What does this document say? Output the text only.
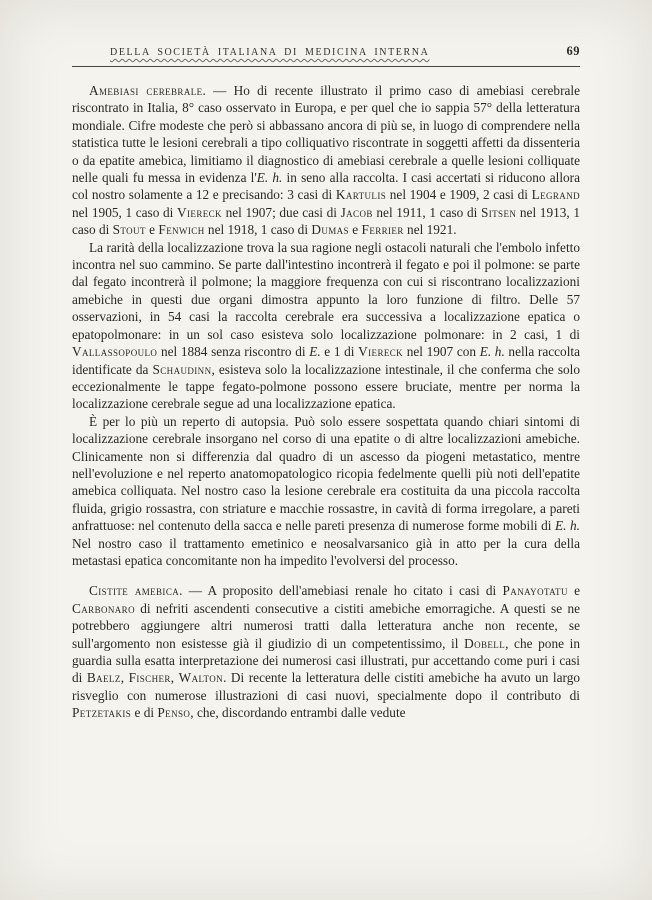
DELLA SOCIETÀ ITALIANA DI MEDICINA INTERNA	69

Amebiasi cerebrale. — Ho di recente illustrato il primo caso di amebiasi cerebrale riscontrato in Italia, 8° caso osservato in Europa, e per quel che io sappia 57° della letteratura mondiale. Cifre modeste che però si abbassano ancora di più se, in luogo di comprendere nella statistica tutte le lesioni cerebrali a tipo colliquativo riscontrate in soggetti affetti da dissenteria o da epatite amebica, limitiamo il diagnostico di amebiasi cerebrale a quelle lesioni colliquate nelle quali fu messa in evidenza l'E. h. in seno alla raccolta. I casi accertati si riducono allora col nostro solamente a 12 e precisando: 3 casi di Kartulis nel 1904 e 1909, 2 casi di Legrand nel 1905, 1 caso di Viereck nel 1907; due casi di Jacob nel 1911, 1 caso di Sitsen nel 1913, 1 caso di Stout e Fenwich nel 1918, 1 caso di Dumas e Ferrier nel 1921.

La rarità della localizzazione trova la sua ragione negli ostacoli naturali che l'embolo infetto incontra nel suo cammino. Se parte dall'intestino incontrerà il fegato e poi il polmone: se parte dal fegato incontrerà il polmone; la maggiore frequenza con cui si riscontrano localizzazioni amebiche in questi due organi dimostra appunto la loro funzione di filtro. Delle 57 osservazioni, in 54 casi la raccolta cerebrale era successiva a localizzazione epatica o epatopolmonare: in un sol caso esisteva solo localizzazione polmonare: in 2 casi, 1 di Vallassopoulo nel 1884 senza riscontro di E. e 1 di Viereck nel 1907 con E. h. nella raccolta identificate da Schaudinn, esisteva solo la localizzazione intestinale, il che conferma che solo eccezionalmente le tappe fegato-polmone possono essere bruciate, mentre per norma la localizzazione cerebrale segue ad una localizzazione epatica.

È per lo più un reperto di autopsia. Può solo essere sospettata quando chiari sintomi di localizzazione cerebrale insorgano nel corso di una epatite o di altre localizzazioni amebiche. Clinicamente non si differenzia dal quadro di un ascesso da piogeni metastatico, mentre nell'evoluzione e nel reperto anatomopatologico ricopia fedelmente quelli più noti dell'epatite amebica colliquata. Nel nostro caso la lesione cerebrale era costituita da una piccola raccolta fluida, grigio rossastra, con striature e macchie rossastre, in cavità di forma irregolare, a pareti anfrattuose: nel contenuto della sacca e nelle pareti presenza di numerose forme mobili di E. h. Nel nostro caso il trattamento emetinico e neosalvarsanico già in atto per la cura della metastasi epatica concomitante non ha impedito l'evolversi del processo.

Cistite amebica. — A proposito dell'amebiasi renale ho citato i casi di Panayotatu e Carbonaro di nefriti ascendenti consecutive a cistiti amebiche emorragiche. A questi se ne potrebbero aggiungere altri numerosi tratti dalla letteratura anche non recente, se sull'argomento non esistesse già il giudizio di un competentissimo, il Dobell, che pone in guardia sulla esatta interpretazione dei numerosi casi illustrati, pur accettando come puri i casi di Baelz, Fischer, Walton. Di recente la letteratura delle cistiti amebiche ha avuto un largo risveglio con numerose illustrazioni di casi nuovi, specialmente dopo il contributo di Petzetakis e di Penso, che, discordando entrambi dalle vedute
